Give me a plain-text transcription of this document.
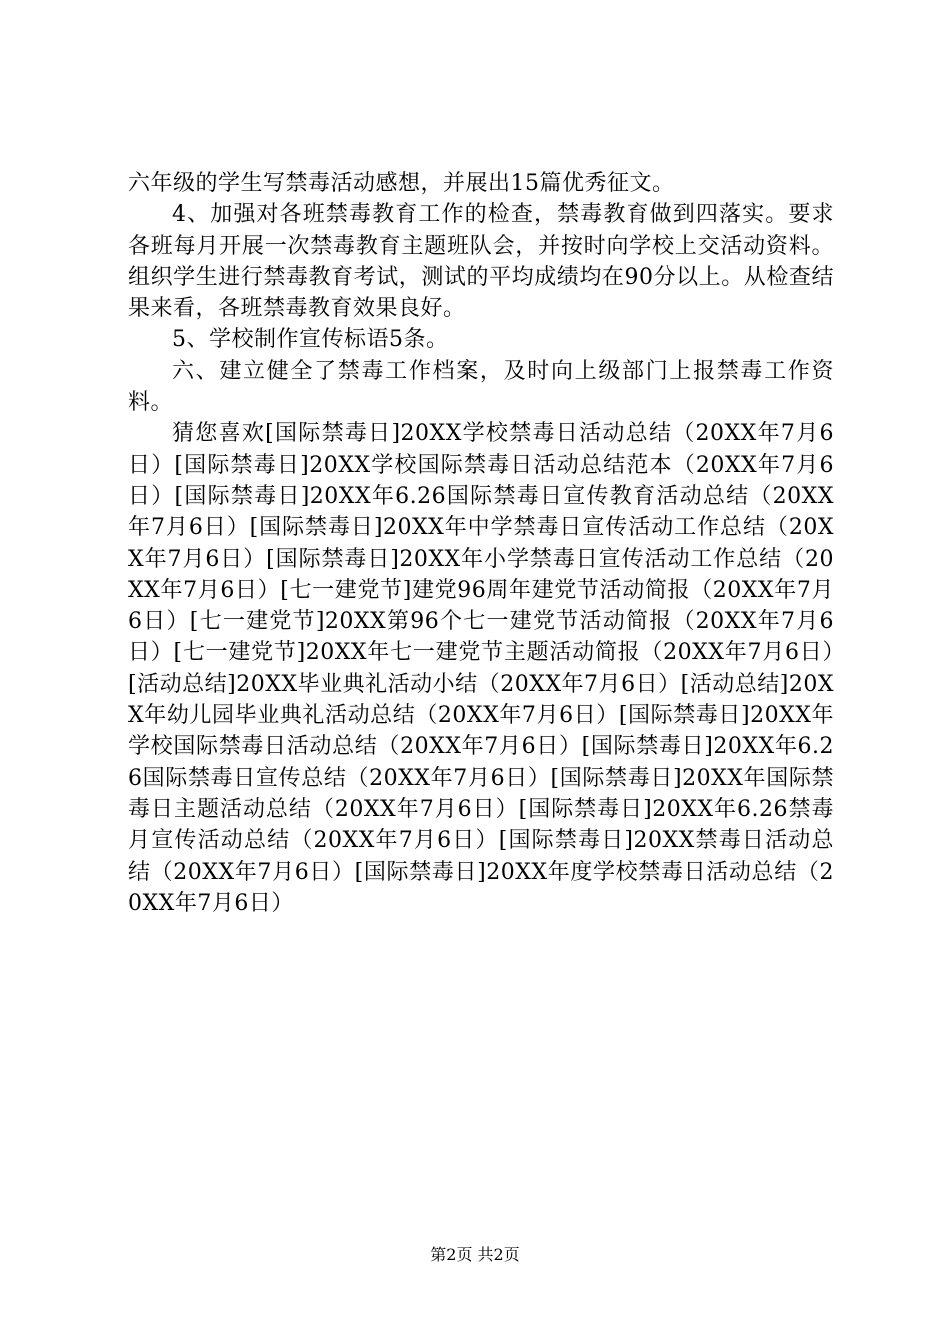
六年级的学生写禁毒活动感想，并展出15篇优秀征文。

4、加强对各班禁毒教育工作的检查，禁毒教育做到四落实。要求各班每月开展一次禁毒教育主题班队会，并按时向学校上交活动资料。组织学生进行禁毒教育考试，测试的平均成绩均在90分以上。从检查结果来看，各班禁毒教育效果良好。

5、学校制作宣传标语5条。

六、建立健全了禁毒工作档案，及时向上级部门上报禁毒工作资料。

猜您喜欢[国际禁毒日]20XX学校禁毒日活动总结（20XX年7月6日）[国际禁毒日]20XX学校国际禁毒日活动总结范本（20XX年7月6日）[国际禁毒日]20XX年6.26国际禁毒日宣传教育活动总结（20XX年7月6日）[国际禁毒日]20XX年中学禁毒日宣传活动工作总结（20XX年7月6日）[国际禁毒日]20XX年小学禁毒日宣传活动工作总结（20XX年7月6日）[七一建党节]建党96周年建党节活动简报（20XX年7月6日）[七一建党节]20XX第96个七一建党节活动简报（20XX年7月6日）[七一建党节]20XX年七一建党节主题活动简报（20XX年7月6日）[活动总结]20XX毕业典礼活动小结（20XX年7月6日）[活动总结]20XX年幼儿园毕业典礼活动总结（20XX年7月6日）[国际禁毒日]20XX年学校国际禁毒日活动总结（20XX年7月6日）[国际禁毒日]20XX年6.26国际禁毒日宣传总结（20XX年7月6日）[国际禁毒日]20XX年国际禁毒日主题活动总结（20XX年7月6日）[国际禁毒日]20XX年6.26禁毒月宣传活动总结（20XX年7月6日）[国际禁毒日]20XX禁毒日活动总结（20XX年7月6日）[国际禁毒日]20XX年度学校禁毒日活动总结（20XX年7月6日）

第2页 共2页
